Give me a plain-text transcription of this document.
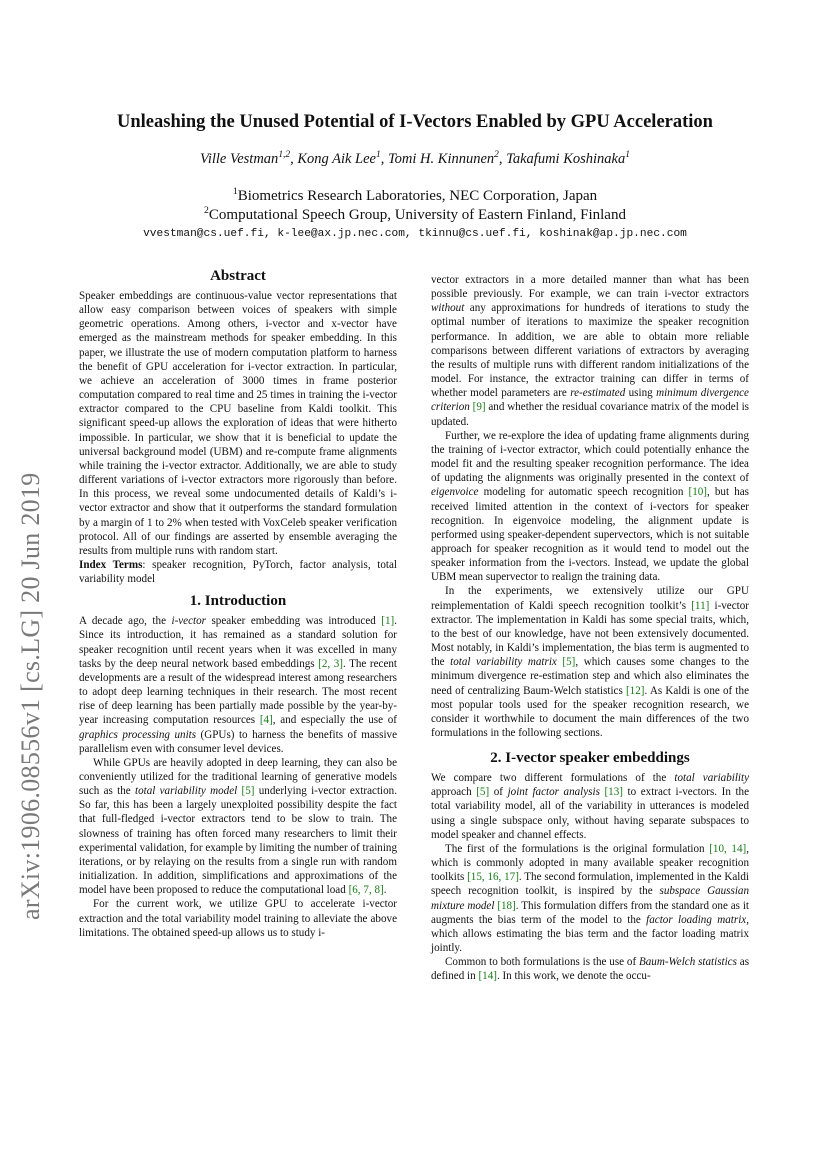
arXiv:1906.08556v1 [cs.LG] 20 Jun 2019
Unleashing the Unused Potential of I-Vectors Enabled by GPU Acceleration
Ville Vestman$^{1,2}$, Kong Aik Lee$^1$, Tomi H. Kinnunen$^2$, Takafumi Koshinaka$^1$
$^1$Biometrics Research Laboratories, NEC Corporation, Japan
$^2$Computational Speech Group, University of Eastern Finland, Finland
vvestman@cs.uef.fi, k-lee@ax.jp.nec.com, tkinnu@cs.uef.fi, koshinak@ap.jp.nec.com
Abstract

Speaker embeddings are continuous-value vector representations that allow easy comparison between voices of speakers with simple geometric operations. Among others, i-vector and x-vector have emerged as the mainstream methods for speaker embedding. In this paper, we illustrate the use of modern computation platform to harness the benefit of GPU acceleration for i-vector extraction. In particular, we achieve an acceleration of 3000 times in frame posterior computation compared to real time and 25 times in training the i-vector extractor compared to the CPU baseline from Kaldi toolkit. This significant speed-up allows the exploration of ideas that were hitherto impossible. In particular, we show that it is beneficial to update the universal background model (UBM) and re-compute frame alignments while training the i-vector extractor. Additionally, we are able to study different variations of i-vector extractors more rigorously than before. In this process, we reveal some undocumented details of Kaldi’s i-vector extractor and show that it outperforms the standard formulation by a margin of 1 to 2% when tested with VoxCeleb speaker verification protocol. All of our findings are asserted by ensemble averaging the results from multiple runs with random start.

Index Terms: speaker recognition, PyTorch, factor analysis, total variability model

1. Introduction

A decade ago, the i-vector speaker embedding was introduced [1]. Since its introduction, it has remained as a standard solution for speaker recognition until recent years when it was excelled in many tasks by the deep neural network based embeddings [2, 3]. The recent developments are a result of the widespread interest among researchers to adopt deep learning techniques in their research. The most recent rise of deep learning has been partially made possible by the year-by-year increasing computation resources [4], and especially the use of graphics processing units (GPUs) to harness the benefits of massive parallelism even with consumer level devices.

While GPUs are heavily adopted in deep learning, they can also be conveniently utilized for the traditional learning of generative models such as the total variability model [5] underlying i-vector extraction. So far, this has been a largely unexploited possibility despite the fact that full-fledged i-vector extractors tend to be slow to train. The slowness of training has often forced many researchers to limit their experimental validation, for example by limiting the number of training iterations, or by relaying on the results from a single run with random initialization. In addition, simplifications and approximations of the model have been proposed to reduce the computational load [6, 7, 8].

For the current work, we utilize GPU to accelerate i-vector extraction and the total variability model training to alleviate the above limitations. The obtained speed-up allows us to study i-

vector extractors in a more detailed manner than what has been possible previously. For example, we can train i-vector extractors without any approximations for hundreds of iterations to study the optimal number of iterations to maximize the speaker recognition performance. In addition, we are able to obtain more reliable comparisons between different variations of extractors by averaging the results of multiple runs with different random initializations of the model. For instance, the extractor training can differ in terms of whether model parameters are re-estimated using minimum divergence criterion [9] and whether the residual covariance matrix of the model is updated.

Further, we re-explore the idea of updating frame alignments during the training of i-vector extractor, which could potentially enhance the model fit and the resulting speaker recognition performance. The idea of updating the alignments was originally presented in the context of eigenvoice modeling for automatic speech recognition [10], but has received limited attention in the context of i-vectors for speaker recognition. In eigenvoice modeling, the alignment update is performed using speaker-dependent supervectors, which is not suitable approach for speaker recognition as it would tend to model out the speaker information from the i-vectors. Instead, we update the global UBM mean supervector to realign the training data.

In the experiments, we extensively utilize our GPU reimplementation of Kaldi speech recognition toolkit’s [11] i-vector extractor. The implementation in Kaldi has some special traits, which, to the best of our knowledge, have not been extensively documented. Most notably, in Kaldi’s implementation, the bias term is augmented to the total variability matrix [5], which causes some changes to the minimum divergence re-estimation step and which also eliminates the need of centralizing Baum-Welch statistics [12]. As Kaldi is one of the most popular tools used for the speaker recognition research, we consider it worthwhile to document the main differences of the two formulations in the following sections.

2. I-vector speaker embeddings

We compare two different formulations of the total variability approach [5] of joint factor analysis [13] to extract i-vectors. In the total variability model, all of the variability in utterances is modeled using a single subspace only, without having separate subspaces to model speaker and channel effects.

The first of the formulations is the original formulation [10, 14], which is commonly adopted in many available speaker recognition toolkits [15, 16, 17]. The second formulation, implemented in the Kaldi speech recognition toolkit, is inspired by the subspace Gaussian mixture model [18]. This formulation differs from the standard one as it augments the bias term of the model to the factor loading matrix, which allows estimating the bias term and the factor loading matrix jointly.

Common to both formulations is the use of Baum-Welch statistics as defined in [14]. In this work, we denote the occu-
